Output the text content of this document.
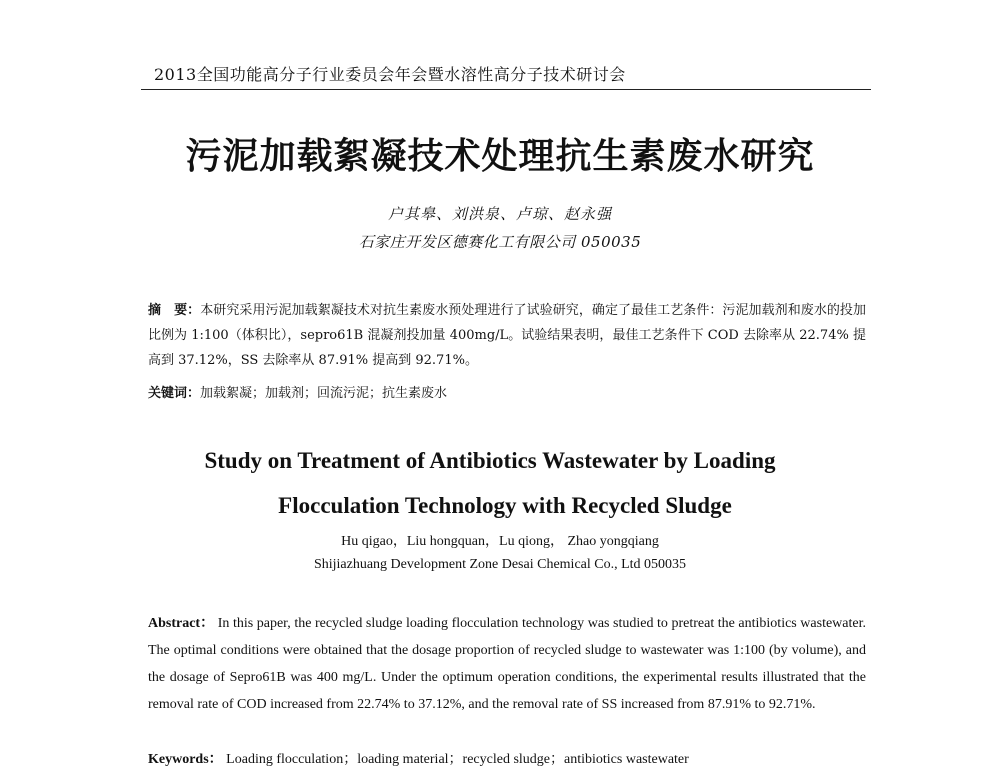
2013全国功能高分子行业委员会年会暨水溶性高分子技术研讨会
污泥加载絮凝技术处理抗生素废水研究
户其皋、刘洪泉、卢琼、赵永强
石家庄开发区德赛化工有限公司 050035
摘　要：本研究采用污泥加载絮凝技术对抗生素废水预处理进行了试验研究，确定了最佳工艺条件：污泥加载剂和废水的投加比例为 1:100（体积比），sepro61B 混凝剂投加量 400mg/L。试验结果表明，最佳工艺条件下 COD 去除率从 22.74% 提高到 37.12%，SS 去除率从 87.91% 提高到 92.71%。
关键词：加载絮凝；加载剂；回流污泥；抗生素废水
Study on Treatment of Antibiotics Wastewater by Loading
Flocculation Technology with Recycled Sludge
Hu qigao，Liu hongquan，Lu qiong， Zhao yongqiang
Shijiazhuang Development Zone Desai Chemical Co., Ltd 050035
Abstract： In this paper, the recycled sludge loading flocculation technology was studied to pretreat the antibiotics wastewater. The optimal conditions were obtained that the dosage proportion of recycled sludge to wastewater was 1:100 (by volume), and the dosage of Sepro61B was 400 mg/L. Under the optimum operation conditions, the experimental results illustrated that the removal rate of COD increased from 22.74% to 37.12%, and the removal rate of SS increased from 87.91% to 92.71%.
Keywords： Loading flocculation；loading material；recycled sludge；antibiotics wastewater
